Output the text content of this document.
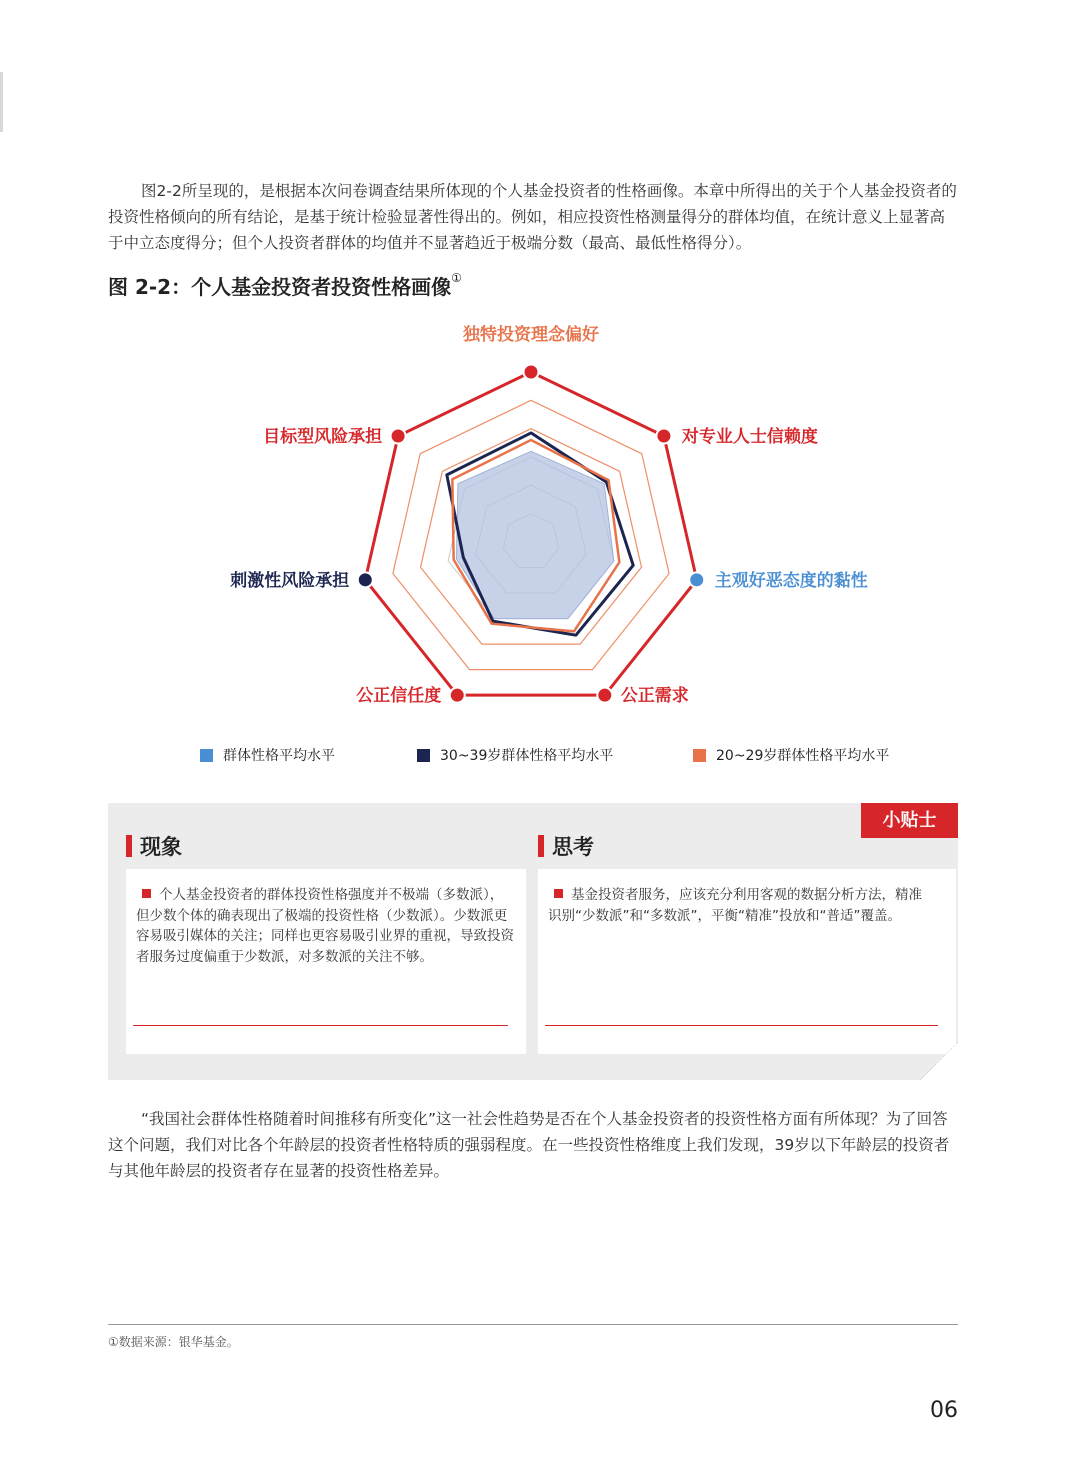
图2-2所呈现的，是根据本次问卷调查结果所体现的个人基金投资者的性格画像。本章中所得出的关于个人基金投资者的投资性格倾向的所有结论，是基于统计检验显著性得出的。例如，相应投资性格测量得分的群体均值，在统计意义上显著高于中立态度得分；但个人投资者群体的均值并不显著趋近于极端分数（最高、最低性格得分）。

图 2-2：个人基金投资者投资性格画像①

独特投资理念偏好
对专业人士信赖度
主观好恶态度的黏性
公正需求
公正信任度
刺激性风险承担
目标型风险承担
群体性格平均水平	30~39岁群体性格平均水平	20~29岁群体性格平均水平
小贴士
现象	思考

个人基金投资者的群体投资性格强度并不极端（多数派），但少数个体的确表现出了极端的投资性格（少数派）。少数派更容易吸引媒体的关注；同样也更容易吸引业界的重视，导致投资者服务过度偏重于少数派，对多数派的关注不够。

基金投资者服务，应该充分利用客观的数据分析方法，精准识别“少数派”和“多数派”，平衡“精准”投放和“普适”覆盖。

“我国社会群体性格随着时间推移有所变化”这一社会性趋势是否在个人基金投资者的投资性格方面有所体现？为了回答这个问题，我们对比各个年龄层的投资者性格特质的强弱程度。在一些投资性格维度上我们发现，39岁以下年龄层的投资者与其他年龄层的投资者存在显著的投资性格差异。

①数据来源：银华基金。

06
